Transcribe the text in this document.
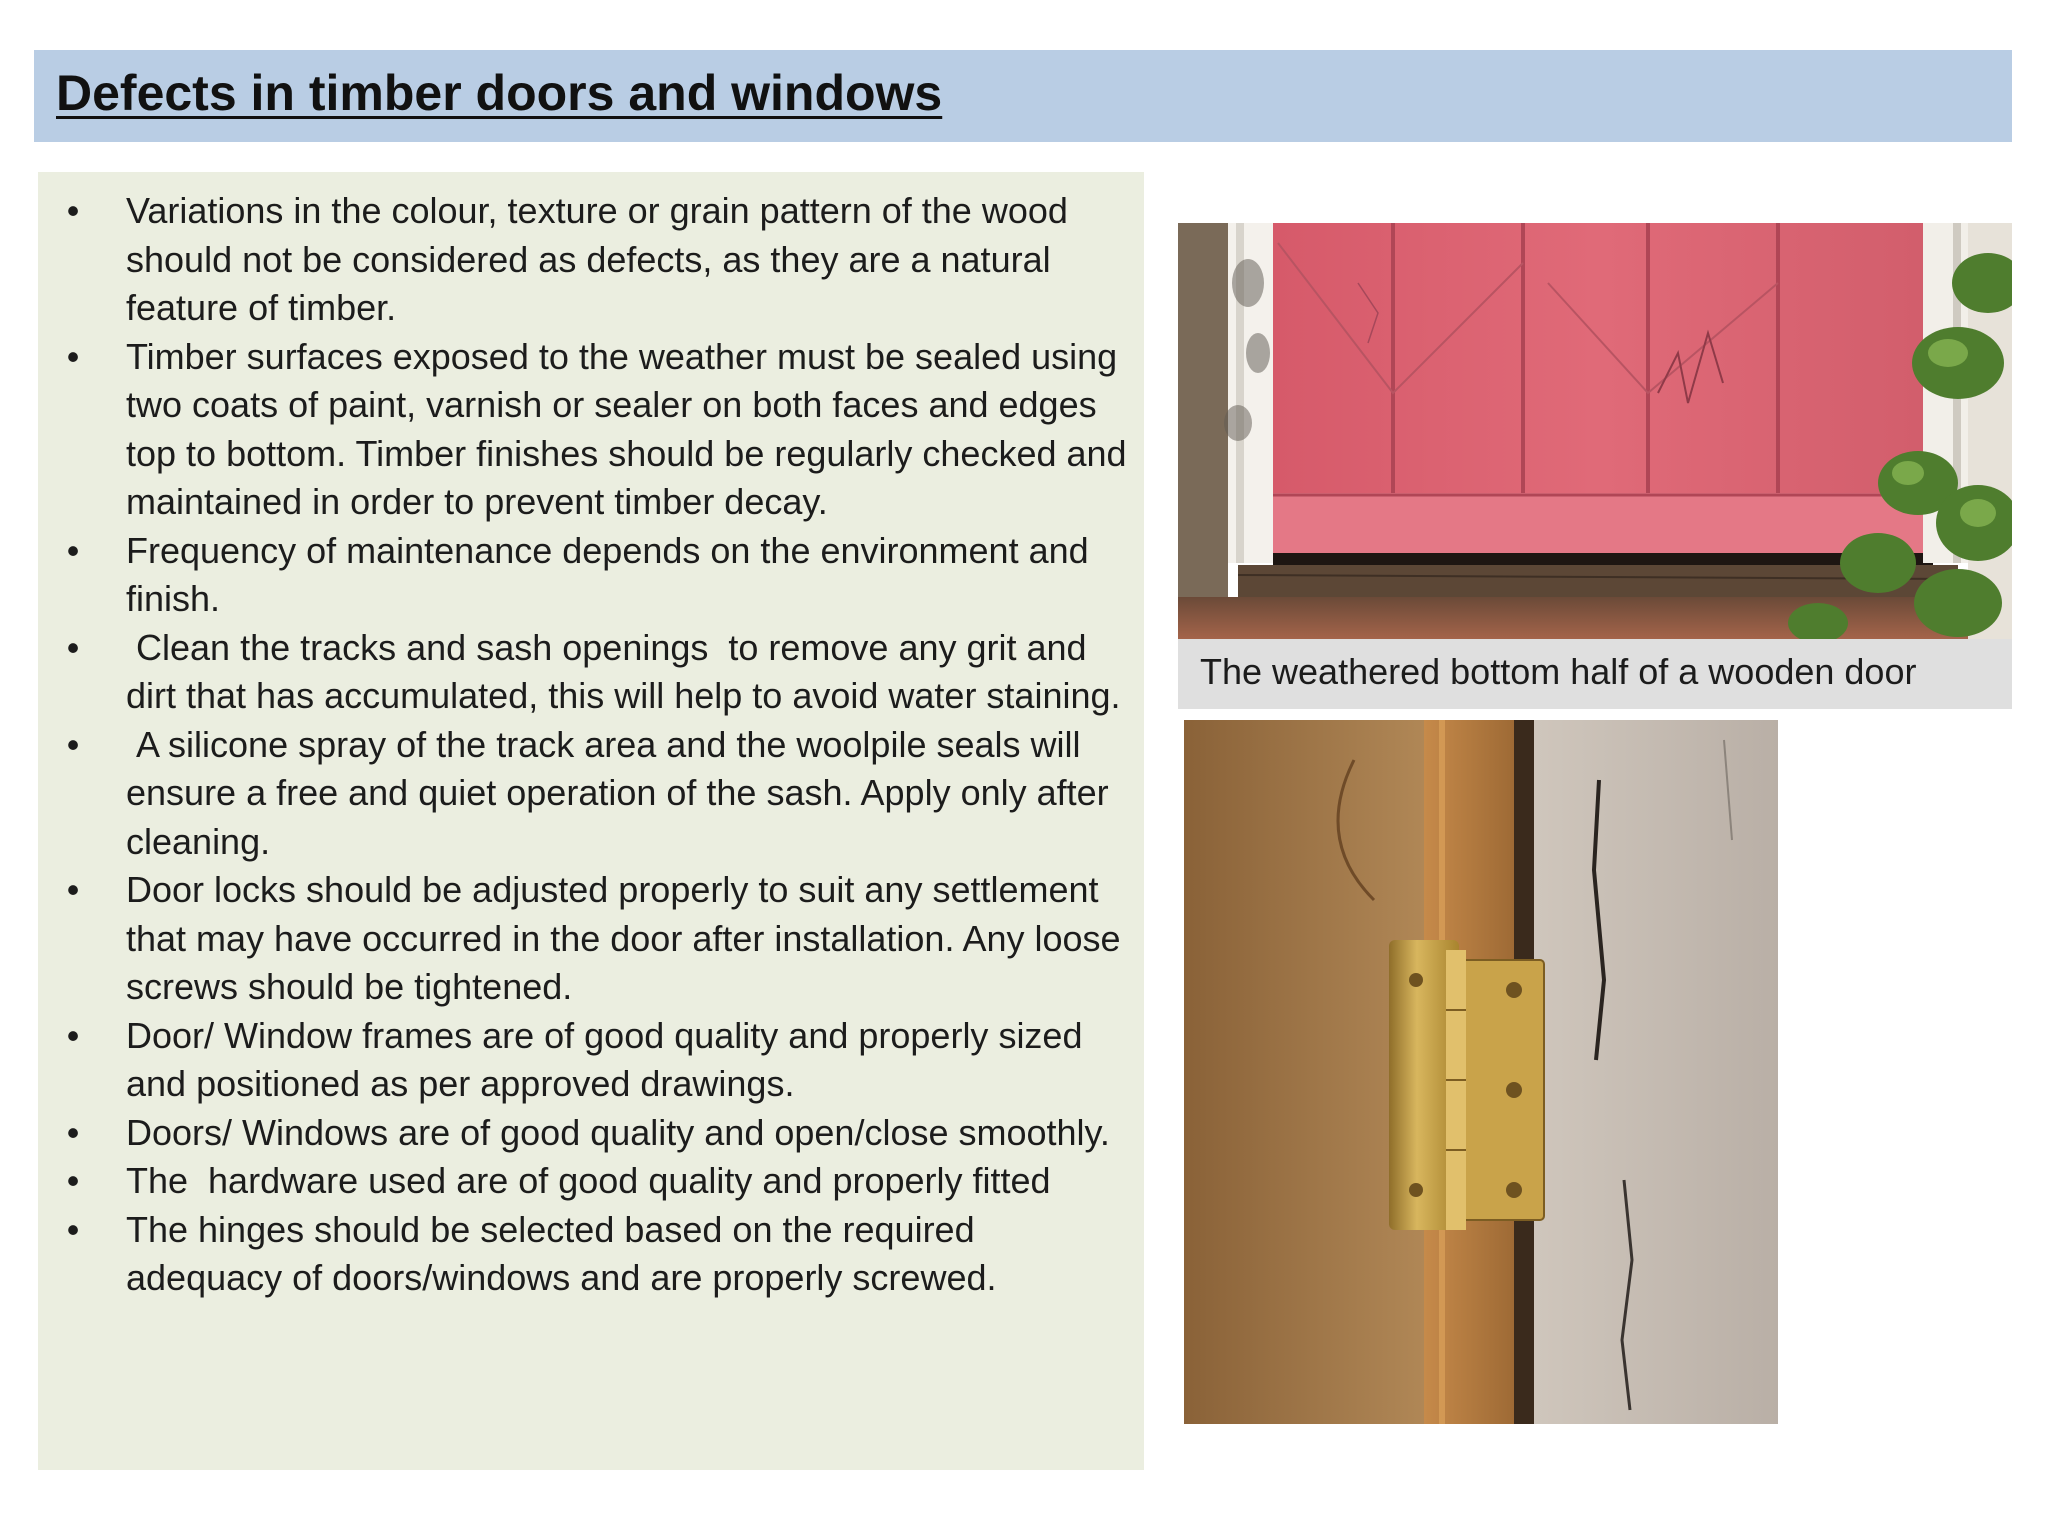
Defects in timber doors and windows
• Variations in the colour, texture or grain pattern of the wood should not be considered as defects, as they are a natural feature of timber.
• Timber surfaces exposed to the weather must be sealed using two coats of paint, varnish or sealer on both faces and edges top to bottom. Timber finishes should be regularly checked and maintained in order to prevent timber decay.
• Frequency of maintenance depends on the environment and finish.
• Clean the tracks and sash openings  to remove any grit and dirt that has accumulated, this will help to avoid water staining.
• A silicone spray of the track area and the woolpile seals will ensure a free and quiet operation of the sash. Apply only after cleaning.
• Door locks should be adjusted properly to suit any settlement that may have occurred in the door after installation. Any loose screws should be tightened.
• Door/ Window frames are of good quality and properly sized and positioned as per approved drawings.
• Doors/ Windows are of good quality and open/close smoothly.
• The  hardware used are of good quality and properly fitted
• The hinges should be selected based on the required adequacy of doors/windows and are properly screwed.
The weathered bottom half of a wooden door
